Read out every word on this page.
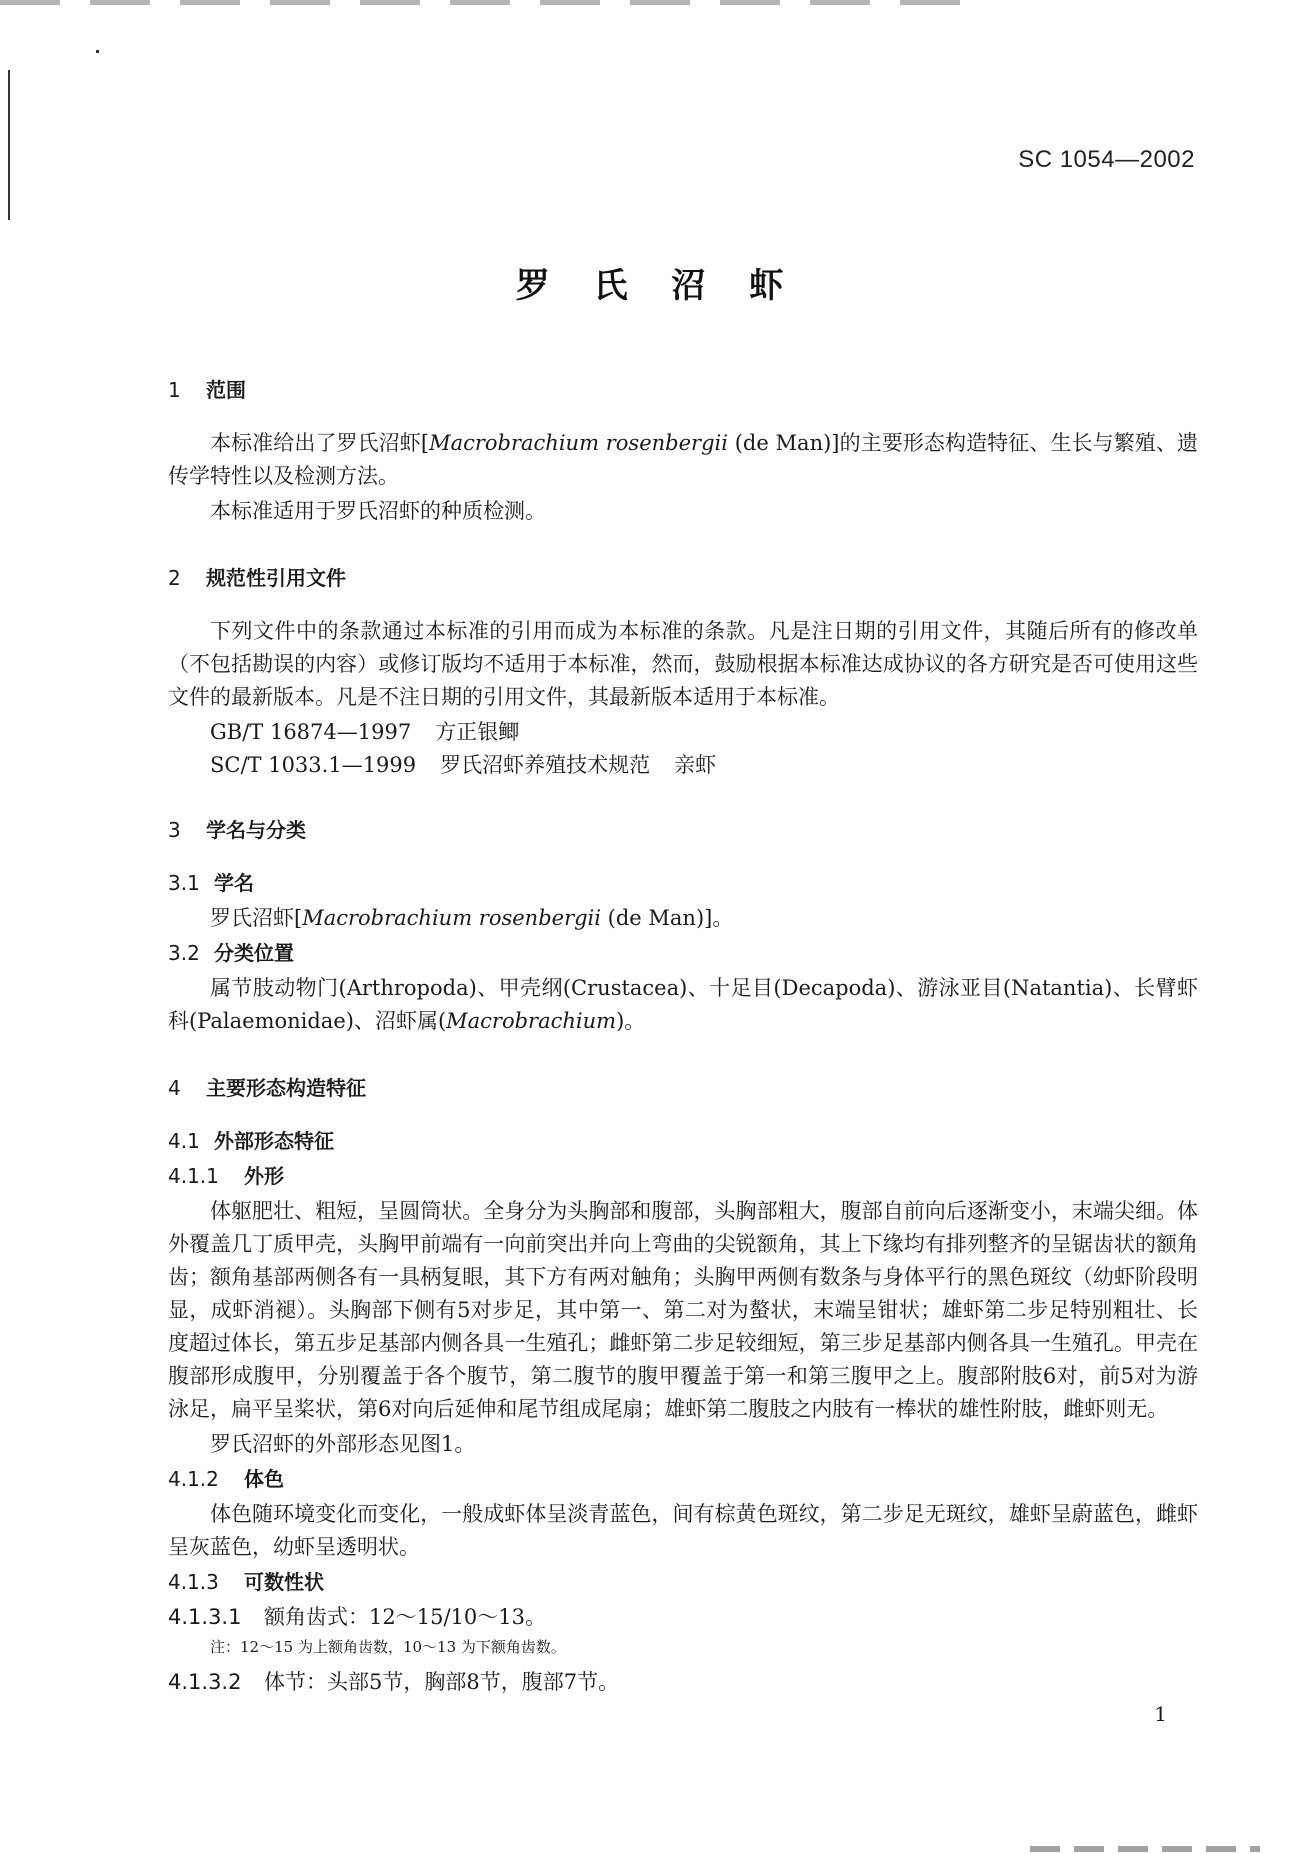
SC 1054—2002
罗 氏 沼 虾
1 范围

本标准给出了罗氏沼虾[Macrobrachium rosenbergii (de Man)]的主要形态构造特征、生长与繁殖、遗传学特性以及检测方法。

本标准适用于罗氏沼虾的种质检测。

2 规范性引用文件

下列文件中的条款通过本标准的引用而成为本标准的条款。凡是注日期的引用文件，其随后所有的修改单（不包括勘误的内容）或修订版均不适用于本标准，然而，鼓励根据本标准达成协议的各方研究是否可使用这些文件的最新版本。凡是不注日期的引用文件，其最新版本适用于本标准。

GB/T 16874—1997 方正银鲫

SC/T 1033.1—1999 罗氏沼虾养殖技术规范 亲虾

3 学名与分类
3.1 学名

罗氏沼虾[Macrobrachium rosenbergii (de Man)]。

3.2 分类位置

属节肢动物门(Arthropoda)、甲壳纲(Crustacea)、十足目(Decapoda)、游泳亚目(Natantia)、长臂虾科(Palaemonidae)、沼虾属(Macrobrachium)。

4 主要形态构造特征
4.1 外部形态特征
4.1.1 外形

体躯肥壮、粗短，呈圆筒状。全身分为头胸部和腹部，头胸部粗大，腹部自前向后逐渐变小，末端尖细。体外覆盖几丁质甲壳，头胸甲前端有一向前突出并向上弯曲的尖锐额角，其上下缘均有排列整齐的呈锯齿状的额角齿；额角基部两侧各有一具柄复眼，其下方有两对触角；头胸甲两侧有数条与身体平行的黑色斑纹（幼虾阶段明显，成虾消褪）。头胸部下侧有5对步足，其中第一、第二对为螯状，末端呈钳状；雄虾第二步足特别粗壮、长度超过体长，第五步足基部内侧各具一生殖孔；雌虾第二步足较细短，第三步足基部内侧各具一生殖孔。甲壳在腹部形成腹甲，分别覆盖于各个腹节，第二腹节的腹甲覆盖于第一和第三腹甲之上。腹部附肢6对，前5对为游泳足，扁平呈桨状，第6对向后延伸和尾节组成尾扇；雄虾第二腹肢之内肢有一棒状的雄性附肢，雌虾则无。

罗氏沼虾的外部形态见图1。

4.1.2 体色

体色随环境变化而变化，一般成虾体呈淡青蓝色，间有棕黄色斑纹，第二步足无斑纹，雄虾呈蔚蓝色，雌虾呈灰蓝色，幼虾呈透明状。

4.1.3 可数性状

4.1.3.1 额角齿式：12～15/10～13。

注：12～15 为上额角齿数，10～13 为下额角齿数。

4.1.3.2 体节：头部5节，胸部8节，腹部7节。

1
